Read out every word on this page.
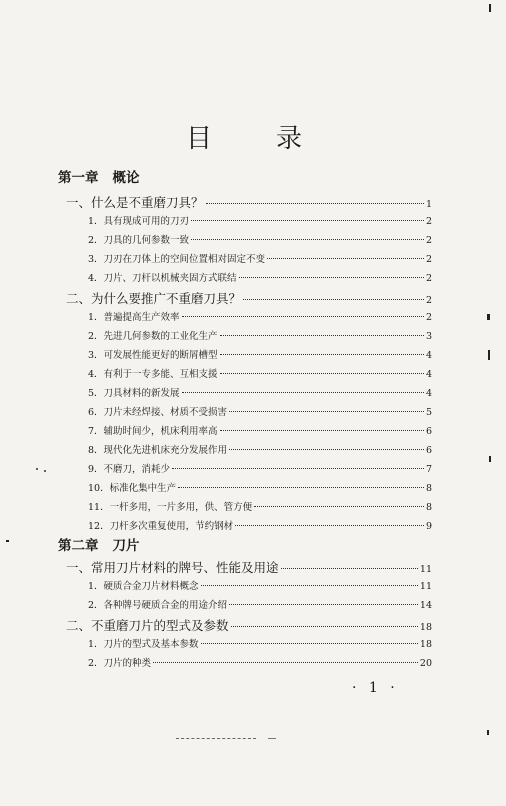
目 录
第一章 概论
一、什么是不重磨刀具？	1
1．具有现成可用的刀刃	2
2．刀具的几何参数一致	2
3．刀刃在刀体上的空间位置相对固定不变	2
4．刀片、刀杆以机械夹固方式联结	2
二、为什么要推广不重磨刀具？	2
1．普遍提高生产效率	2
2．先进几何参数的工业化生产	3
3．可发展性能更好的断屑槽型	4
4．有利于一专多能、互相支援	4
5．刀具材料的新发展	4
6．刀片未经焊接、材质不受损害	5
7．辅助时间少，机床利用率高	6
8．现代化先进机床充分发展作用	6
9．不磨刀，消耗少	7
10．标准化集中生产	8
11．一杆多用，一片多用，供、管方便	8
12．刀杆多次重复使用，节约钢材	9
第二章 刀片
一、常用刀片材料的牌号、性能及用途	11
1．硬质合金刀片材料概念	11
2．各种牌号硬质合金的用途介绍	14
二、不重磨刀片的型式及参数	18
1．刀片的型式及基本参数	18
2．刀片的种类	20
· 1 ·
